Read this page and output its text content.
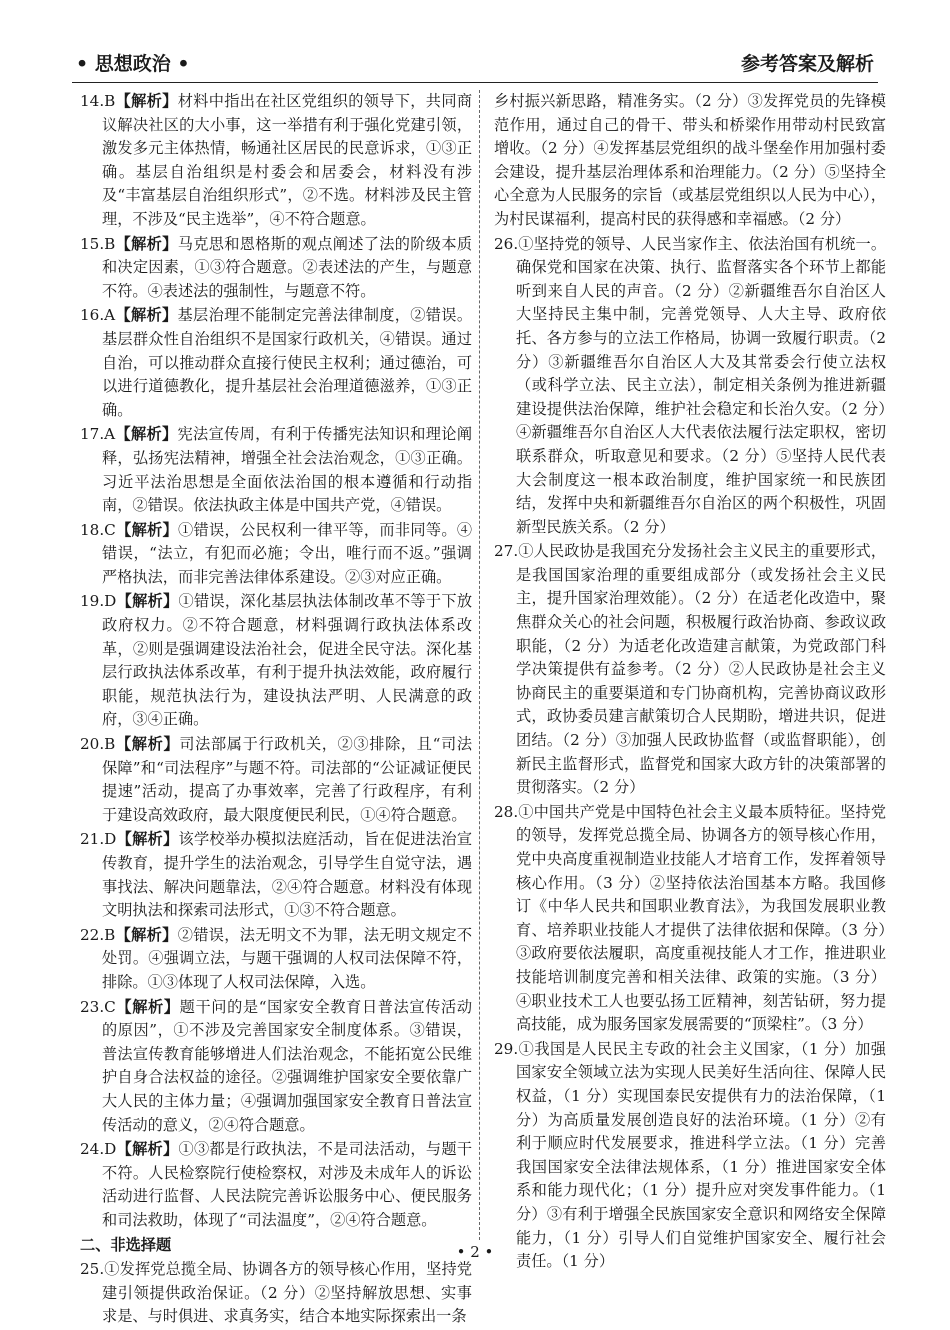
• 思想政治 •	参考答案及解析
14.B【解析】材料中指出在社区党组织的领导下，共同商议解决社区的大小事，这一举措有利于强化党建引领，激发多元主体热情，畅通社区居民的民意诉求，①③正确。基层自治组织是村委会和居委会，材料没有涉及“丰富基层自治组织形式”，②不选。材料涉及民主管理，不涉及“民主选举”，④不符合题意。
15.B【解析】马克思和恩格斯的观点阐述了法的阶级本质和决定因素，①③符合题意。②表述法的产生，与题意不符。④表述法的强制性，与题意不符。
16.A【解析】基层治理不能制定完善法律制度，②错误。基层群众性自治组织不是国家行政机关，④错误。通过自治，可以推动群众直接行使民主权利；通过德治，可以进行道德教化，提升基层社会治理道德滋养，①③正确。
17.A【解析】宪法宣传周，有利于传播宪法知识和理论阐释，弘扬宪法精神，增强全社会法治观念，①③正确。习近平法治思想是全面依法治国的根本遵循和行动指南，②错误。依法执政主体是中国共产党，④错误。
18.C【解析】①错误，公民权利一律平等，而非同等。④错误，“法立，有犯而必施；令出，唯行而不返。”强调严格执法，而非完善法律体系建设。②③对应正确。
19.D【解析】①错误，深化基层执法体制改革不等于下放政府权力。②不符合题意，材料强调行政执法体系改革，②则是强调建设法治社会，促进全民守法。深化基层行政执法体系改革，有利于提升执法效能，政府履行职能，规范执法行为，建设执法严明、人民满意的政府，③④正确。
20.B【解析】司法部属于行政机关，②③排除，且“司法保障”和“司法程序”与题不符。司法部的“公证减证便民提速”活动，提高了办事效率，完善了行政程序，有利于建设高效政府，最大限度便民利民，①④符合题意。
21.D【解析】该学校举办模拟法庭活动，旨在促进法治宣传教育，提升学生的法治观念，引导学生自觉守法，遇事找法、解决问题靠法，②④符合题意。材料没有体现文明执法和探索司法形式，①③不符合题意。
22.B【解析】②错误，法无明文不为罪，法无明文规定不处罚。④强调立法，与题干强调的人权司法保障不符，排除。①③体现了人权司法保障，入选。
23.C【解析】题干问的是“国家安全教育日普法宣传活动的原因”，①不涉及完善国家安全制度体系。③错误，普法宣传教育能够增进人们法治观念，不能拓宽公民维护自身合法权益的途径。②强调维护国家安全要依靠广大人民的主体力量；④强调加强国家安全教育日普法宣传活动的意义，②④符合题意。
24.D【解析】①③都是行政执法，不是司法活动，与题干不符。人民检察院行使检察权，对涉及未成年人的诉讼活动进行监督、人民法院完善诉讼服务中心、便民服务和司法救助，体现了“司法温度”，②④符合题意。
二、非选择题
25.①发挥党总揽全局、协调各方的领导核心作用，坚持党建引领提供政治保证。（2 分）②坚持解放思想、实事求是、与时俱进、求真务实，结合本地实际探索出一条
乡村振兴新思路，精准务实。（2 分）③发挥党员的先锋模范作用，通过自己的骨干、带头和桥梁作用带动村民致富增收。（2 分）④发挥基层党组织的战斗堡垒作用加强村委会建设，提升基层治理体系和治理能力。（2 分）⑤坚持全心全意为人民服务的宗旨（或基层党组织以人民为中心），为村民谋福利，提高村民的获得感和幸福感。（2 分）
26.①坚持党的领导、人民当家作主、依法治国有机统一。确保党和国家在决策、执行、监督落实各个环节上都能听到来自人民的声音。（2 分）②新疆维吾尔自治区人大坚持民主集中制，完善党领导、人大主导、政府依托、各方参与的立法工作格局，协调一致履行职责。（2 分）③新疆维吾尔自治区人大及其常委会行使立法权（或科学立法、民主立法），制定相关条例为推进新疆建设提供法治保障，维护社会稳定和长治久安。（2 分）④新疆维吾尔自治区人大代表依法履行法定职权，密切联系群众，听取意见和要求。（2 分）⑤坚持人民代表大会制度这一根本政治制度，维护国家统一和民族团结，发挥中央和新疆维吾尔自治区的两个积极性，巩固新型民族关系。（2 分）
27.①人民政协是我国充分发扬社会主义民主的重要形式，是我国国家治理的重要组成部分（或发扬社会主义民主，提升国家治理效能）。（2 分）在适老化改造中，聚焦群众关心的社会问题，积极履行政治协商、参政议政职能，（2 分）为适老化改造建言献策，为党政部门科学决策提供有益参考。（2 分）②人民政协是社会主义协商民主的重要渠道和专门协商机构，完善协商议政形式，政协委员建言献策切合人民期盼，增进共识，促进团结。（2 分）③加强人民政协监督（或监督职能），创新民主监督形式，监督党和国家大政方针的决策部署的贯彻落实。（2 分）
28.①中国共产党是中国特色社会主义最本质特征。坚持党的领导，发挥党总揽全局、协调各方的领导核心作用，党中央高度重视制造业技能人才培育工作，发挥着领导核心作用。（3 分）②坚持依法治国基本方略。我国修订《中华人民共和国职业教育法》，为我国发展职业教育、培养职业技能人才提供了法律依据和保障。（3 分）③政府要依法履职，高度重视技能人才工作，推进职业技能培训制度完善和相关法律、政策的实施。（3 分）④职业技术工人也要弘扬工匠精神，刻苦钻研，努力提高技能，成为服务国家发展需要的“顶梁柱”。（3 分）
29.①我国是人民民主专政的社会主义国家，（1 分）加强国家安全领域立法为实现人民美好生活向往、保障人民权益，（1 分）实现国泰民安提供有力的法治保障，（1 分）为高质量发展创造良好的法治环境。（1 分）②有利于顺应时代发展要求，推进科学立法。（1 分）完善我国国家安全法律法规体系，（1 分）推进国家安全体系和能力现代化；（1 分）提升应对突发事件能力。（1 分）③有利于增强全民族国家安全意识和网络安全保障能力，（1 分）引导人们自觉维护国家安全、履行社会责任。（1 分）
• 2 •
